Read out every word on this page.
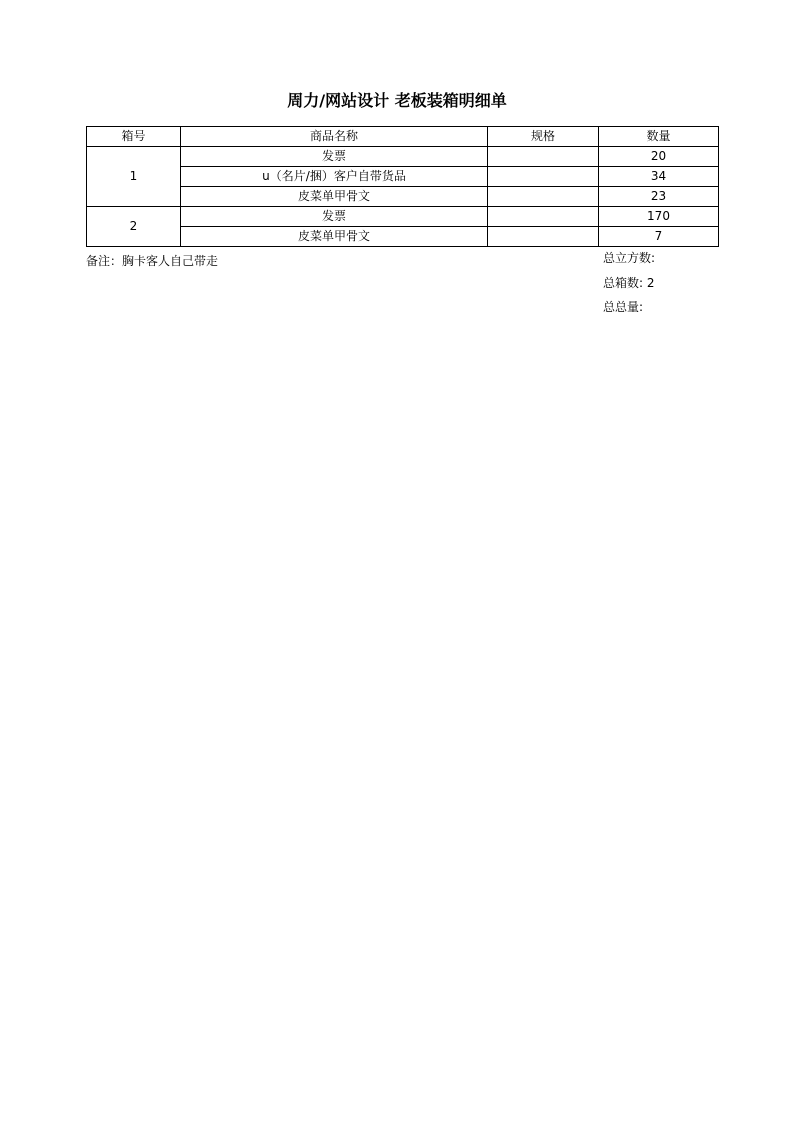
周力/网站设计 老板装箱明细单
箱号	商品名称	规格	数量
1	发票		20
	u（名片/捆）客户自带货品		34
	皮菜单甲骨文		23
2	发票		170
	皮菜单甲骨文		7
备注：胸卡客人自己带走	总立方数:
总箱数: 2
总总量:
